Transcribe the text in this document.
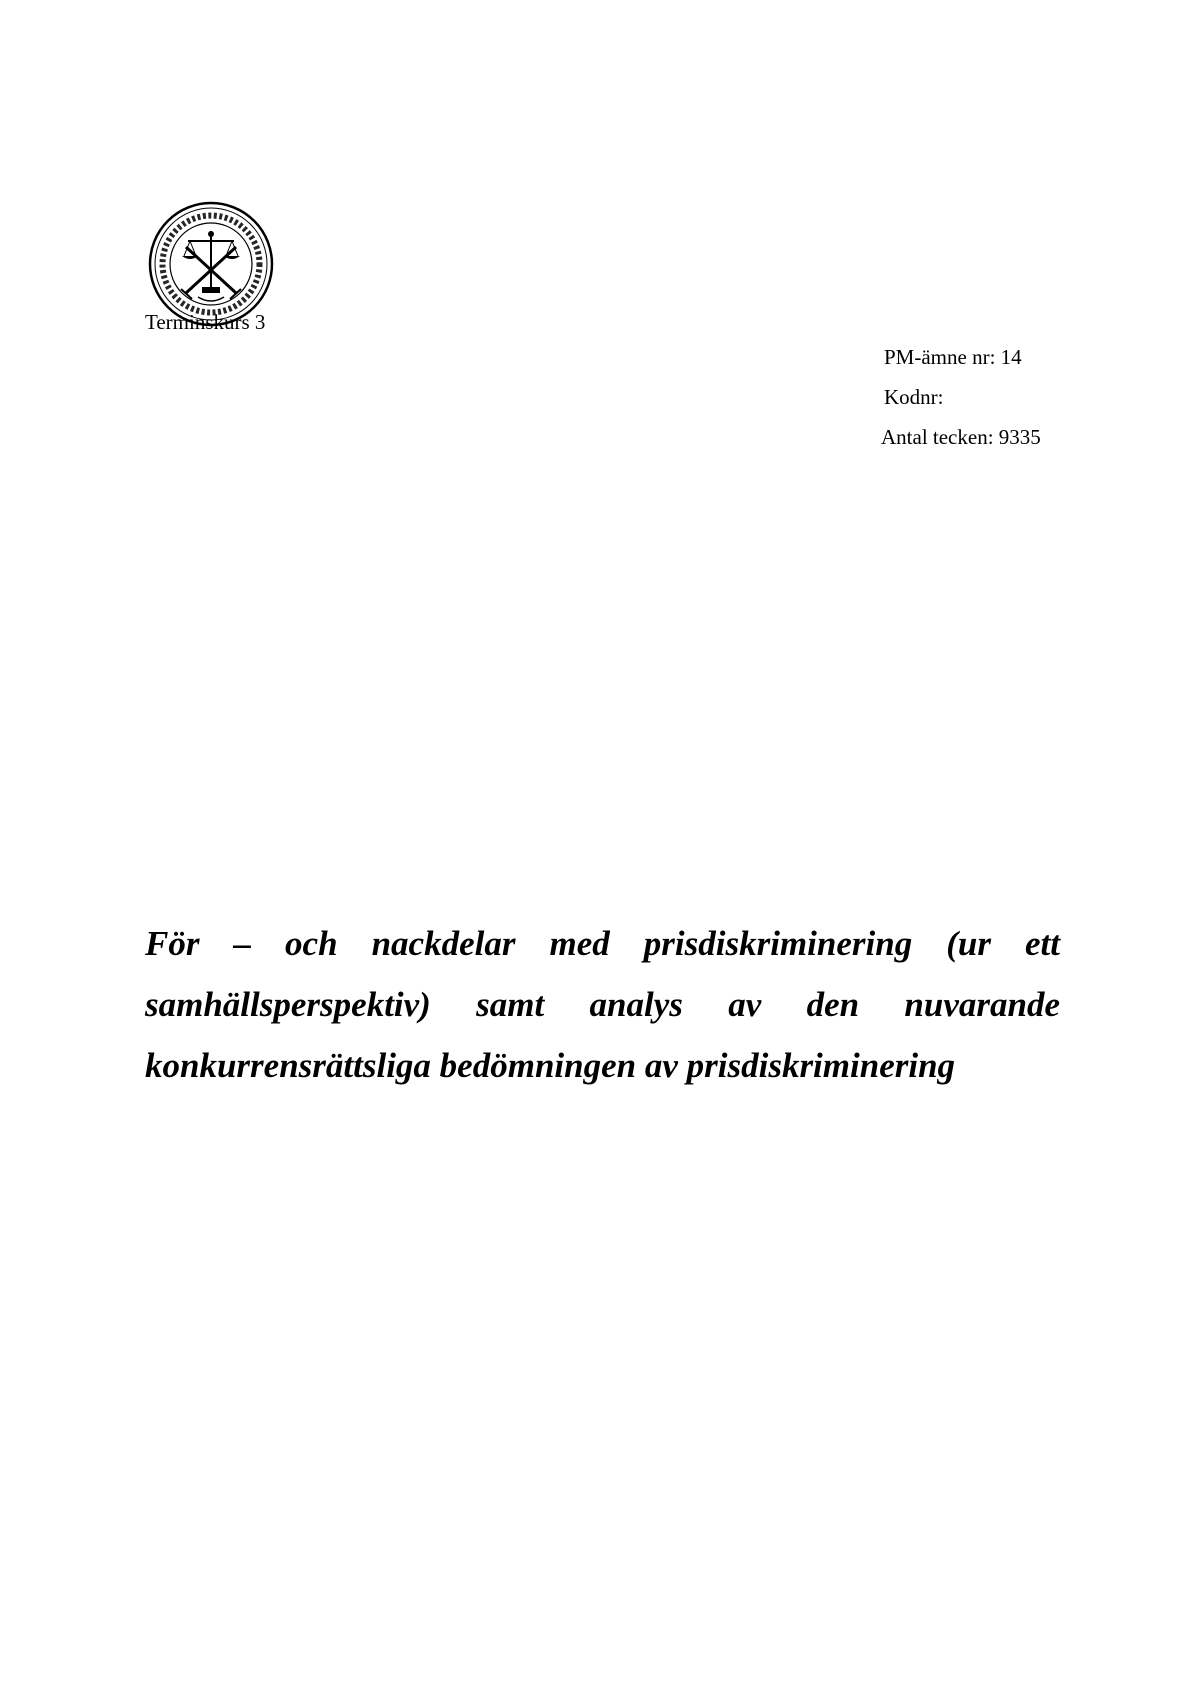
Terminskurs 3
PM-ämne nr: 14
Kodnr:
Antal tecken: 9335
För – och nackdelar med prisdiskriminering (ur ett
samhällsperspektiv) samt analys av den nuvarande
konkurrensrättsliga bedömningen av prisdiskriminering
